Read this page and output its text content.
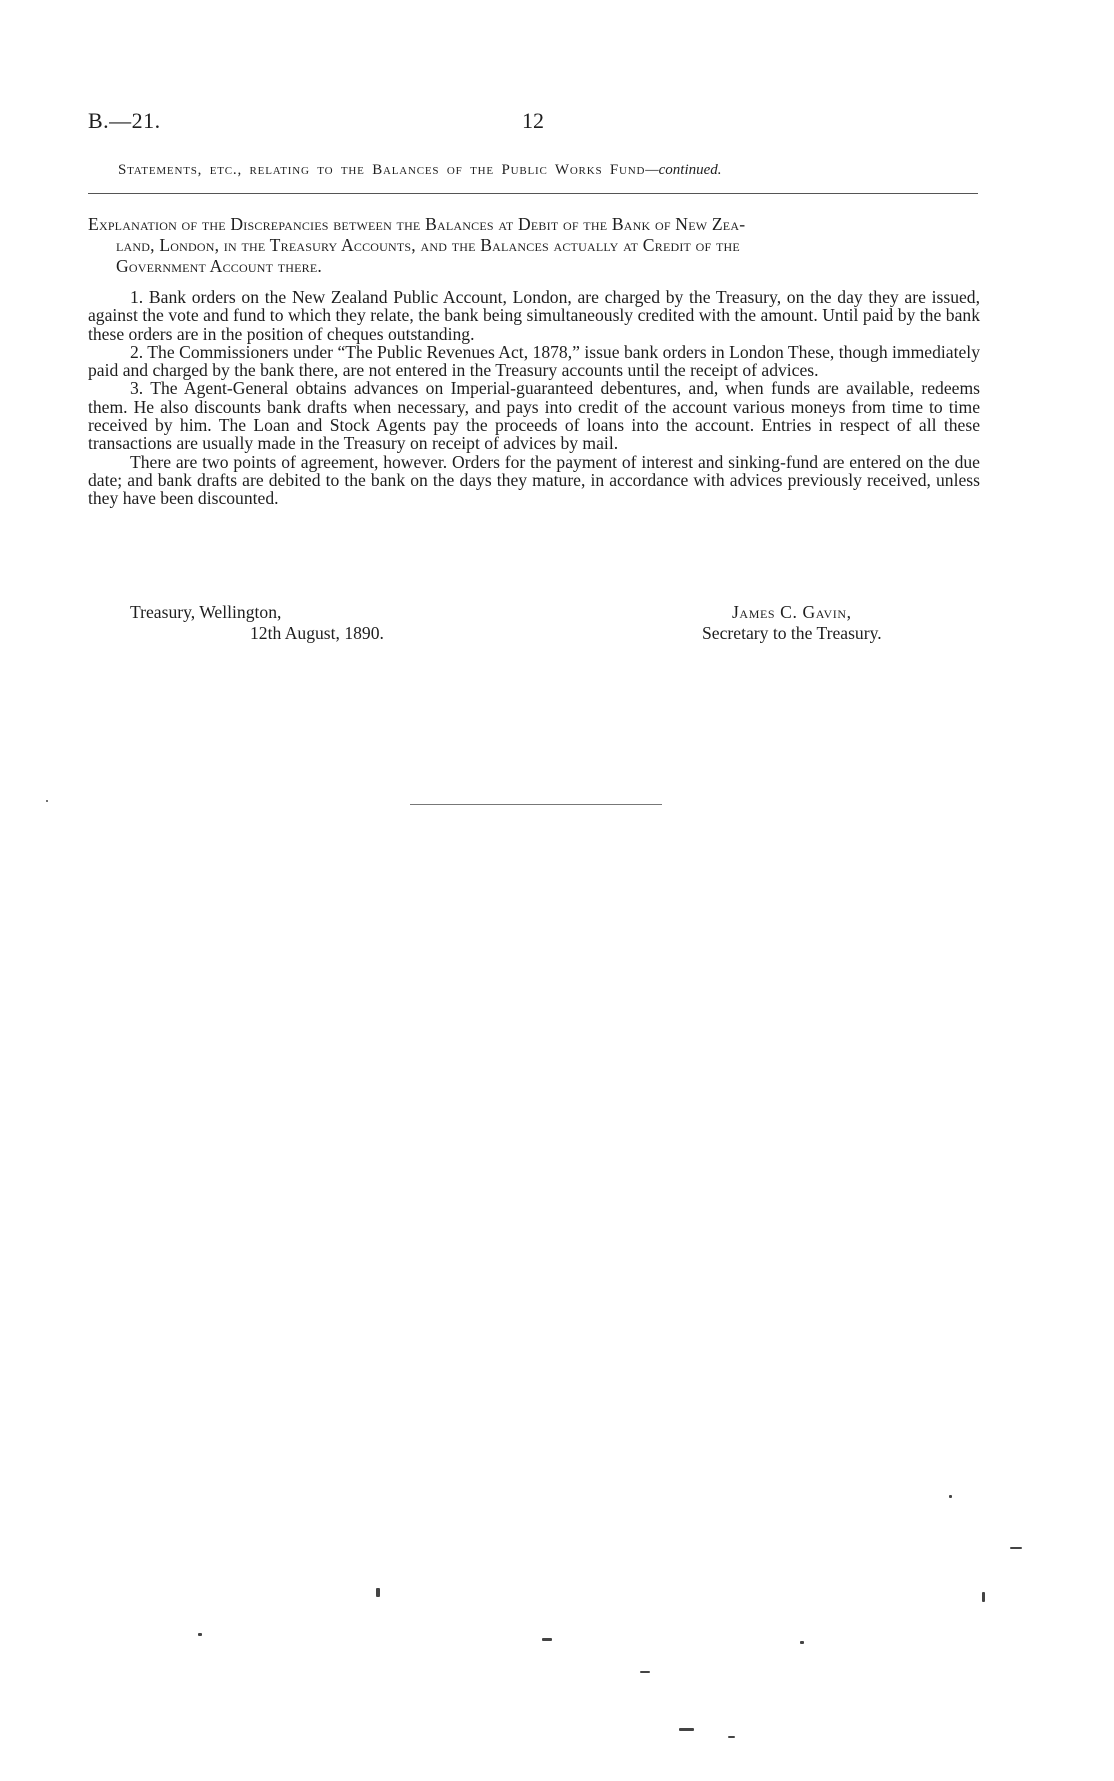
B.—21.	12
Statements, etc., relating to the Balances of the Public Works Fund—continued.
Explanation of the Discrepancies between the Balances at Debit of the Bank of New Zea-
land, London, in the Treasury Accounts, and the Balances actually at Credit of the
Government Account there.

1. Bank orders on the New Zealand Public Account, London, are charged by the Treasury, on the day they are issued, against the vote and fund to which they relate, the bank being simultaneously credited with the amount. Until paid by the bank these orders are in the position of cheques outstanding.

2. The Commissioners under “The Public Revenues Act, 1878,” issue bank orders in London These, though immediately paid and charged by the bank there, are not entered in the Treasury accounts until the receipt of advices.

3. The Agent-General obtains advances on Imperial-guaranteed debentures, and, when funds are available, redeems them. He also discounts bank drafts when necessary, and pays into credit of the account various moneys from time to time received by him. The Loan and Stock Agents pay the proceeds of loans into the account. Entries in respect of all these transactions are usually made in the Treasury on receipt of advices by mail.

There are two points of agreement, however. Orders for the payment of interest and sinking-fund are entered on the due date; and bank drafts are debited to the bank on the days they mature, in accordance with advices previously received, unless they have been discounted.

Treasury, Wellington,
12th August, 1890.
James C. Gavin,
Secretary to the Treasury.
